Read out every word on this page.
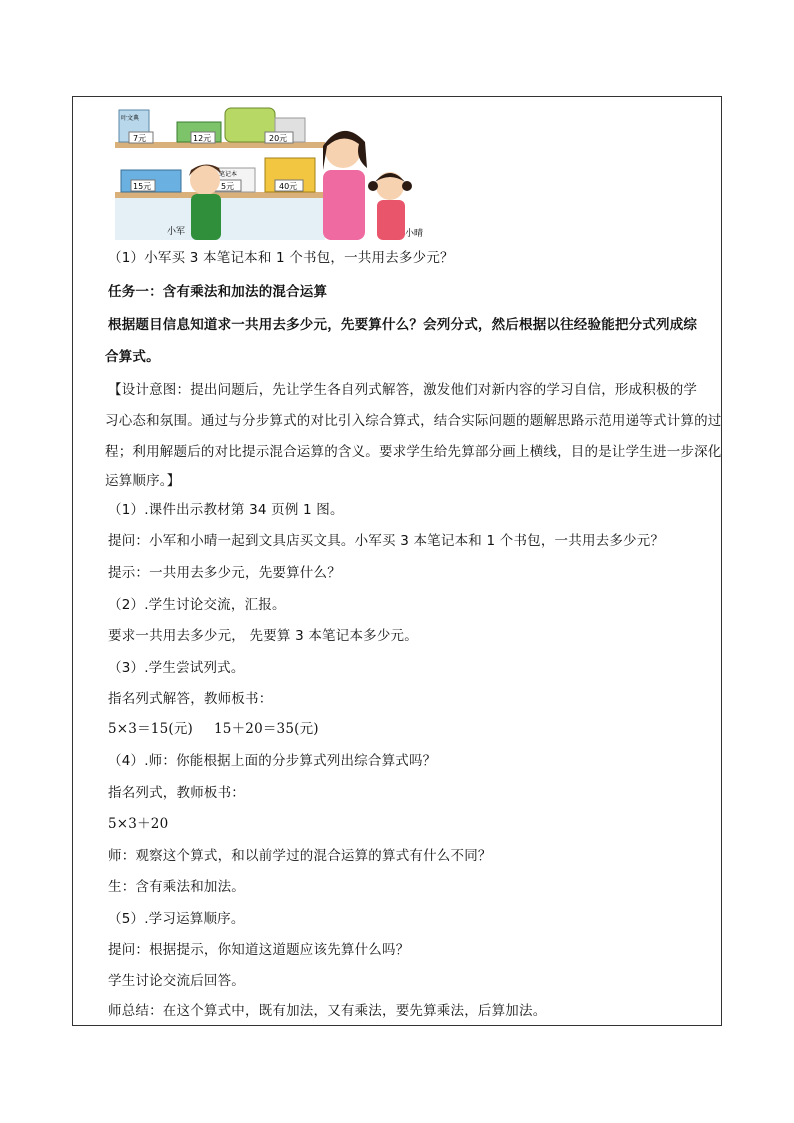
7元	12元	20元
15元	5元	40元
叶文典
笔记本
小军	小晴
（1）小军买 3 本笔记本和 1 个书包，一共用去多少元？
任务一：含有乘法和加法的混合运算
根据题目信息知道求一共用去多少元，先要算什么？会列分式，然后根据以往经验能把分式列成综
合算式。
【设计意图：提出问题后，先让学生各自列式解答，激发他们对新内容的学习自信，形成积极的学
习心态和氛围。通过与分步算式的对比引入综合算式，结合实际问题的题解思路示范用递等式计算的过
程；利用解题后的对比提示混合运算的含义。要求学生给先算部分画上横线，目的是让学生进一步深化
运算顺序。】
（1）.课件出示教材第 34 页例 1 图。
提问：小军和小晴一起到文具店买文具。小军买 3 本笔记本和 1 个书包，一共用去多少元？
提示：一共用去多少元，先要算什么？
（2）.学生讨论交流，汇报。
要求一共用去多少元， 先要算 3 本笔记本多少元。
（3）.学生尝试列式。
指名列式解答，教师板书：
5×3＝15(元) 15＋20＝35(元)
（4）.师：你能根据上面的分步算式列出综合算式吗？
指名列式，教师板书：
5×3＋20
师：观察这个算式，和以前学过的混合运算的算式有什么不同？
生：含有乘法和加法。
（5）.学习运算顺序。
提问：根据提示，你知道这道题应该先算什么吗？
学生讨论交流后回答。
师总结：在这个算式中，既有加法，又有乘法，要先算乘法，后算加法。
